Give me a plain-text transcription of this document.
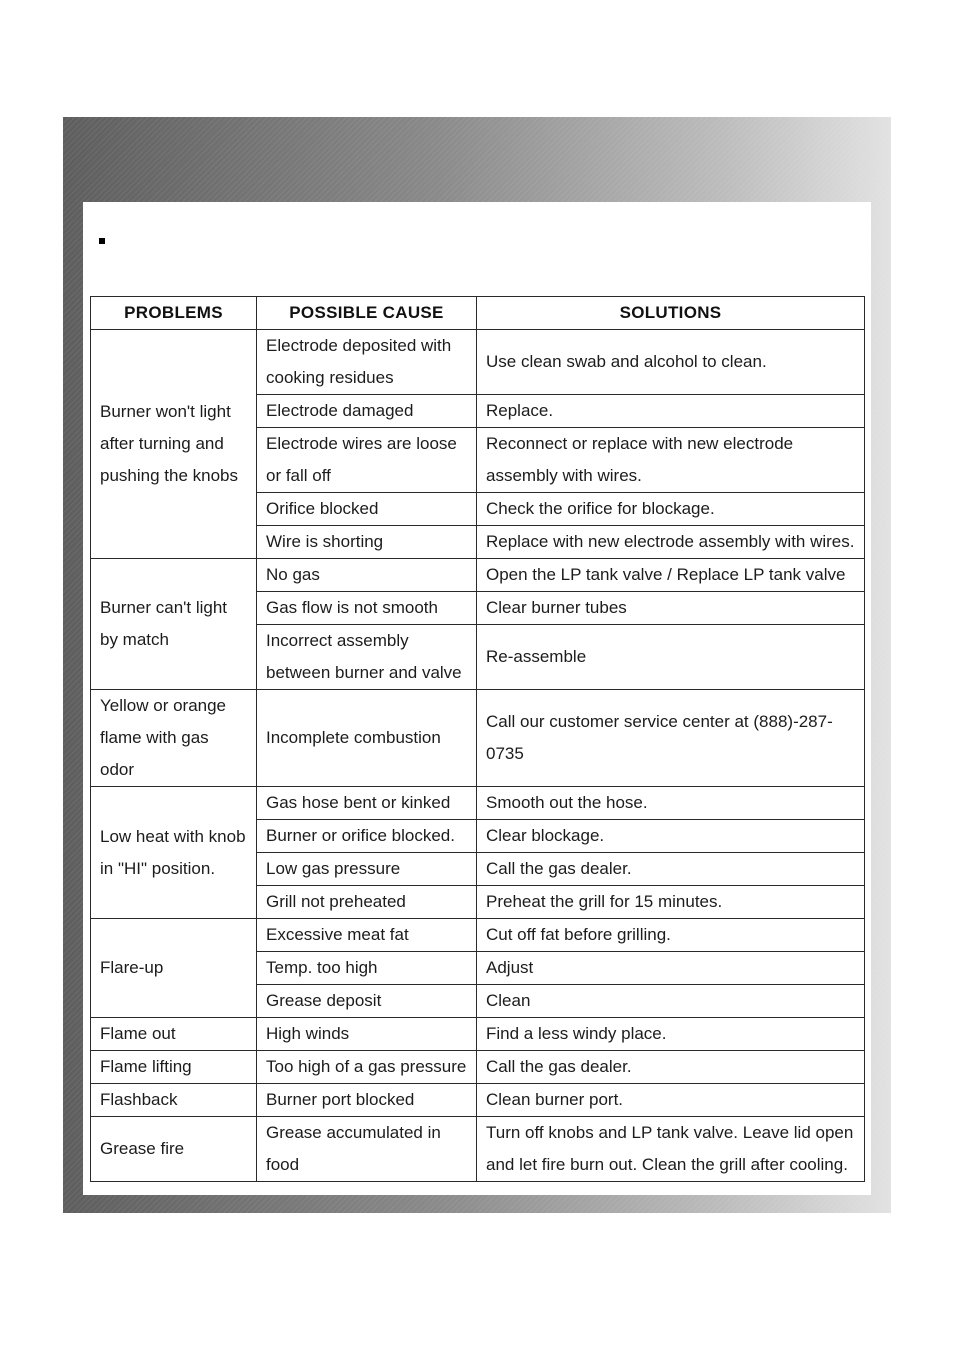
PROBLEMS	POSSIBLE CAUSE	SOLUTIONS
Burner won't light after turning and pushing the knobs	Electrode deposited with cooking residues	Use clean swab and alcohol to clean.
	Electrode damaged	Replace.
	Electrode wires are loose or fall off	Reconnect or replace with new electrode assembly with wires.
	Orifice blocked	Check the orifice for blockage.
	Wire is shorting	Replace with new electrode assembly with wires.
Burner can't light by match	No gas	Open the LP tank valve / Replace LP tank valve
	Gas flow is not smooth	Clear burner tubes
	Incorrect assembly between burner and valve	Re-assemble
Yellow or orange flame with gas odor	Incomplete combustion	Call our customer service center at (888)-287-0735
Low heat with knob in "HI" position.	Gas hose bent or kinked	Smooth out the hose.
	Burner or orifice blocked.	Clear blockage.
	Low gas pressure	Call the gas dealer.
	Grill not preheated	Preheat the grill for 15 minutes.
Flare-up	Excessive meat fat	Cut off fat before grilling.
	Temp. too high	Adjust
	Grease deposit	Clean
Flame out	High winds	Find a less windy place.
Flame lifting	Too high of a gas pressure	Call the gas dealer.
Flashback	Burner port blocked	Clean burner port.
Grease fire	Grease accumulated in food	Turn off knobs and LP tank valve. Leave lid open and let fire burn out. Clean the grill after cooling.
